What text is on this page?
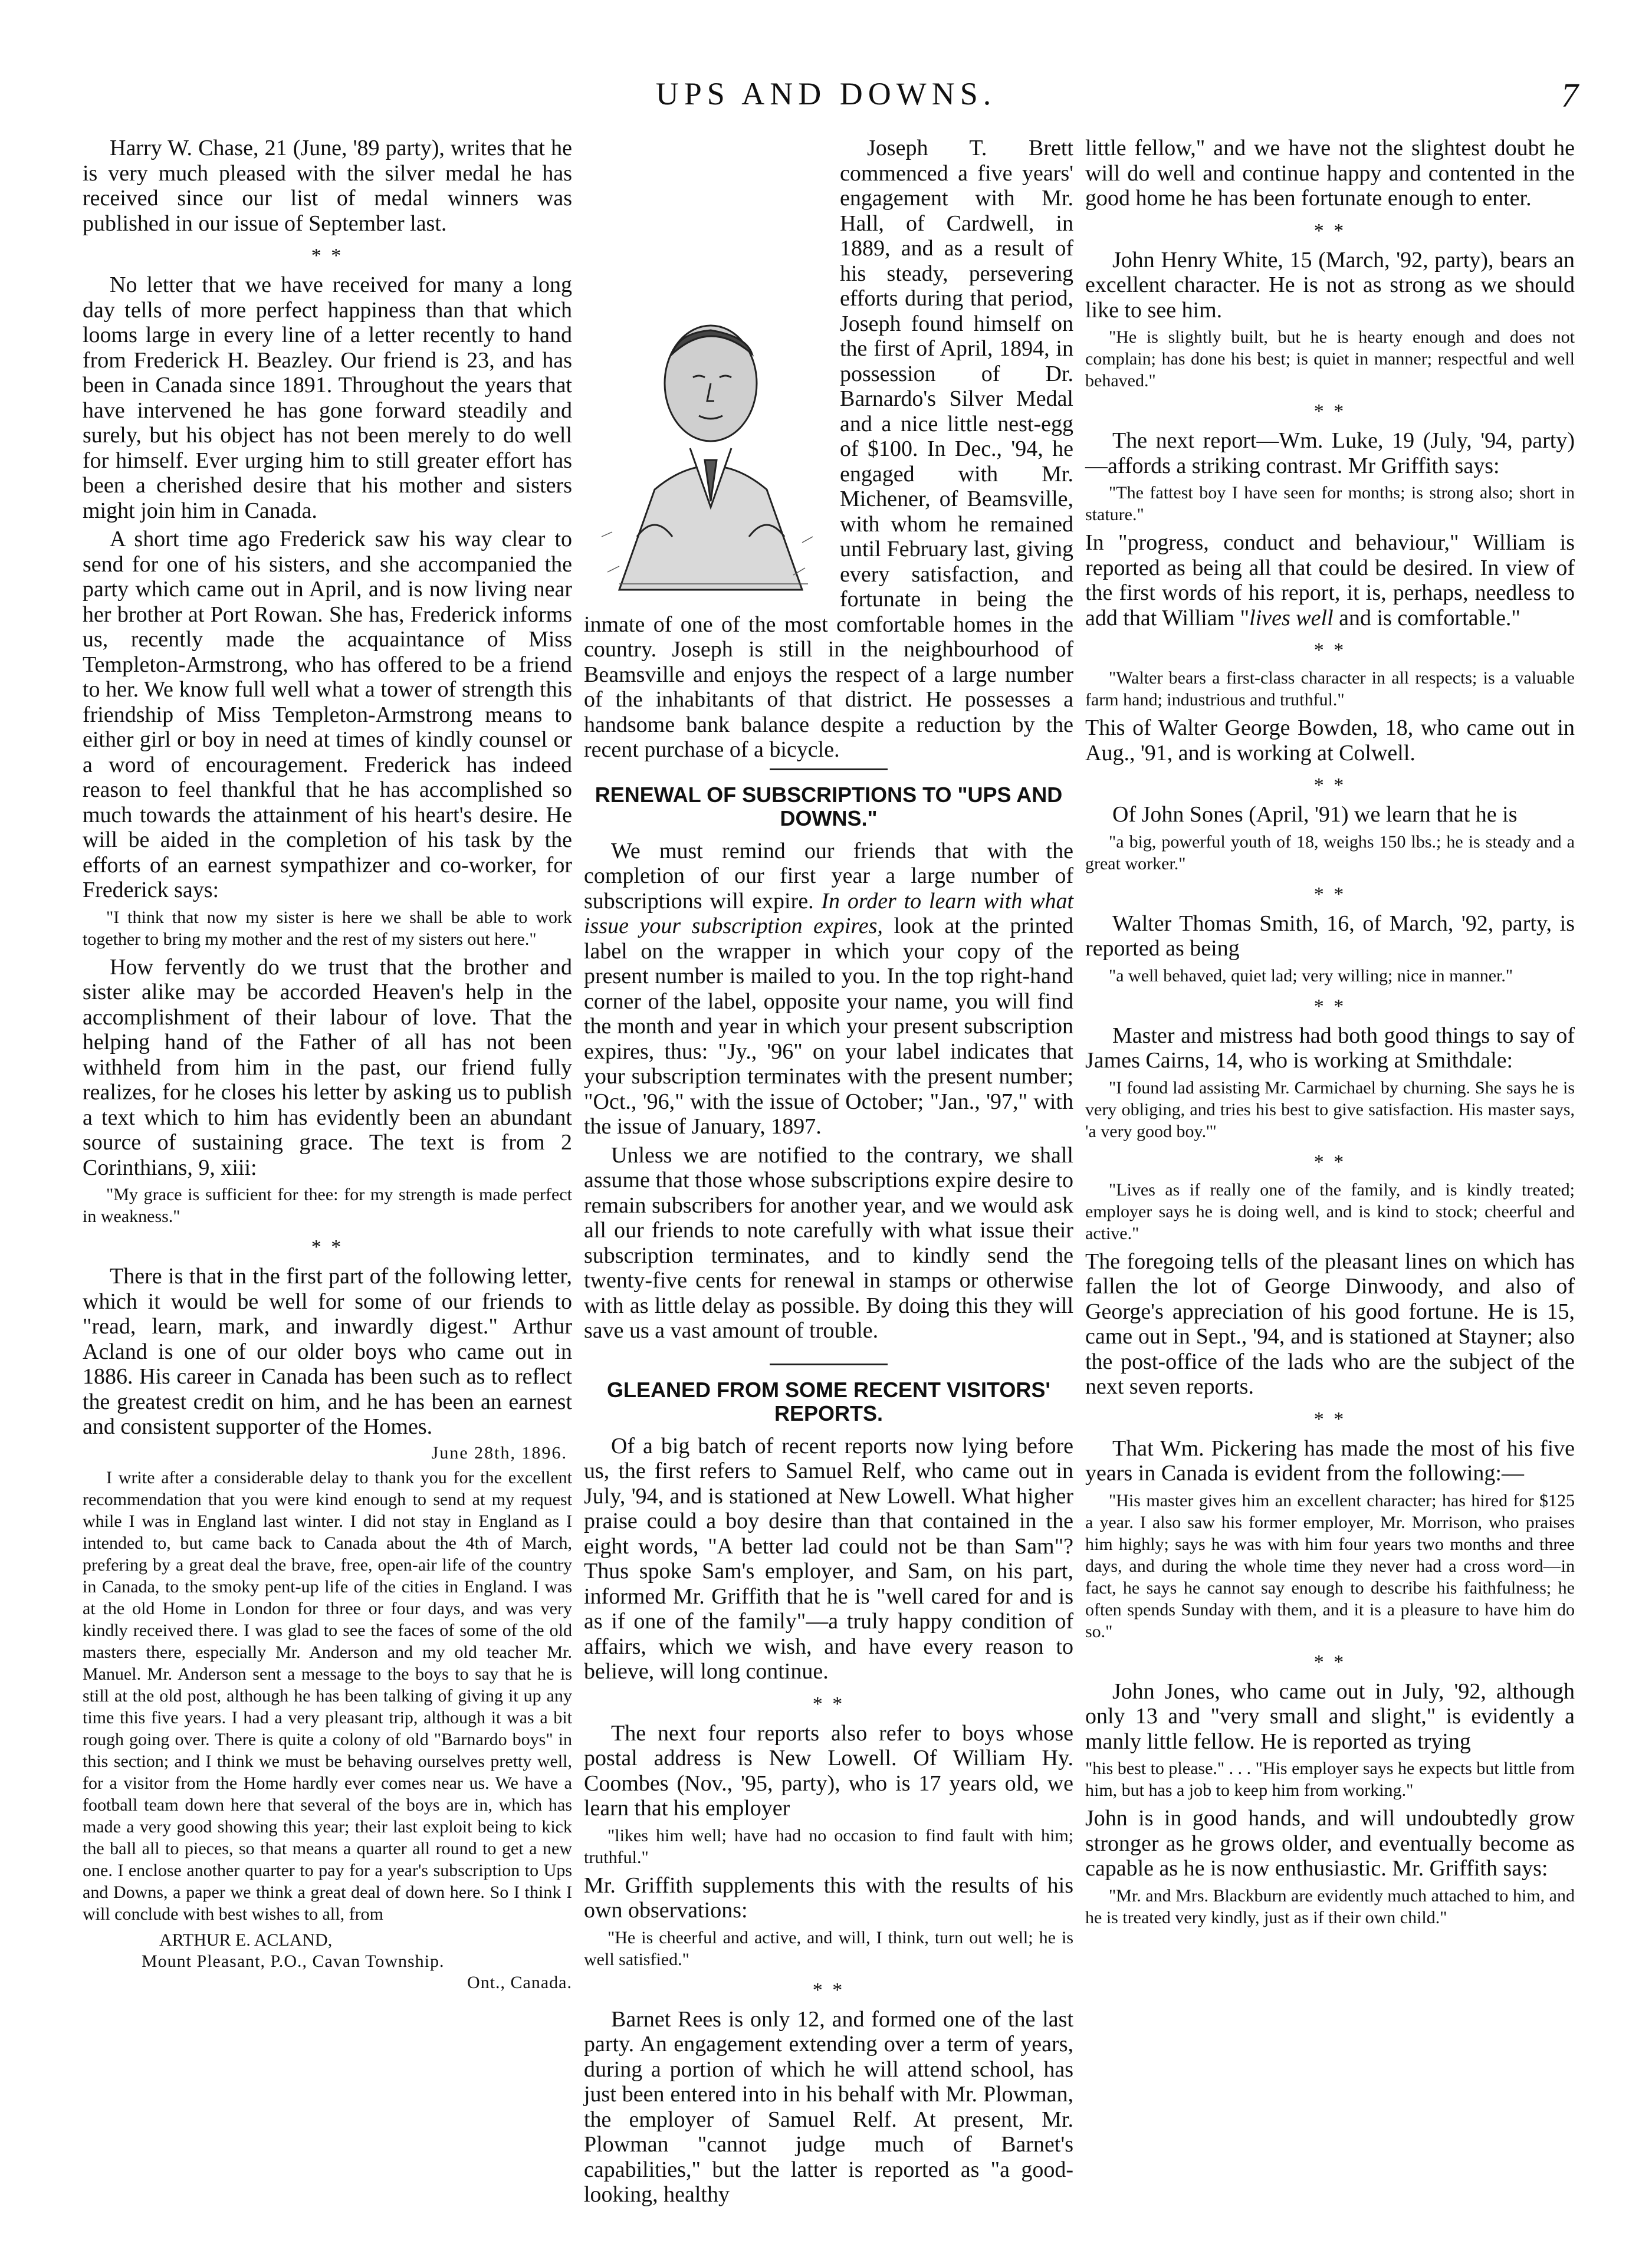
UPS AND DOWNS.	7

Harry W. Chase, 21 (June, '89 party), writes that he is very much pleased with the silver medal he has received since our list of medal winners was published in our issue of September last.

* *

No letter that we have received for many a long day tells of more perfect happiness than that which looms large in every line of a letter recently to hand from Frederick H. Beazley. Our friend is 23, and has been in Canada since 1891. Throughout the years that have intervened he has gone forward steadily and surely, but his object has not been merely to do well for himself. Ever urging him to still greater effort has been a cherished desire that his mother and sisters might join him in Canada.

A short time ago Frederick saw his way clear to send for one of his sisters, and she accompanied the party which came out in April, and is now living near her brother at Port Rowan. She has, Frederick informs us, recently made the acquaintance of Miss Templeton-Armstrong, who has offered to be a friend to her. We know full well what a tower of strength this friendship of Miss Templeton-Armstrong means to either girl or boy in need at times of kindly counsel or a word of encouragement. Frederick has indeed reason to feel thankful that he has accomplished so much towards the attainment of his heart's desire. He will be aided in the completion of his task by the efforts of an earnest sympathizer and co-worker, for Frederick says:

"I think that now my sister is here we shall be able to work together to bring my mother and the rest of my sisters out here."

How fervently do we trust that the brother and sister alike may be accorded Heaven's help in the accomplishment of their labour of love. That the helping hand of the Father of all has not been withheld from him in the past, our friend fully realizes, for he closes his letter by asking us to publish a text which to him has evidently been an abundant source of sustaining grace. The text is from 2 Corinthians, 9, xiii:

"My grace is sufficient for thee: for my strength is made perfect in weakness."

* *

There is that in the first part of the following letter, which it would be well for some of our friends to "read, learn, mark, and inwardly digest." Arthur Acland is one of our older boys who came out in 1886. His career in Canada has been such as to reflect the greatest credit on him, and he has been an earnest and consistent supporter of the Homes.

June 28th, 1896.

I write after a considerable delay to thank you for the excellent recommendation that you were kind enough to send at my request while I was in England last winter. I did not stay in England as I intended to, but came back to Canada about the 4th of March, prefering by a great deal the brave, free, open-air life of the country in Canada, to the smoky pent-up life of the cities in England. I was at the old Home in London for three or four days, and was very kindly received there. I was glad to see the faces of some of the old masters there, especially Mr. Anderson and my old teacher Mr. Manuel. Mr. Anderson sent a message to the boys to say that he is still at the old post, although he has been talking of giving it up any time this five years. I had a very pleasant trip, although it was a bit rough going over. There is quite a colony of old "Barnardo boys" in this section; and I think we must be behaving ourselves pretty well, for a visitor from the Home hardly ever comes near us. We have a football team down here that several of the boys are in, which has made a very good showing this year; their last exploit being to kick the ball all to pieces, so that means a quarter all round to get a new one. I enclose another quarter to pay for a year's subscription to Ups and Downs, a paper we think a great deal of down here. So I think I will conclude with best wishes to all, from

ARTHUR E. ACLAND,

Mount Pleasant, P.O., Cavan Township.

Ont., Canada.

Joseph T. Brett commenced a five years' engagement with Mr. Hall, of Cardwell, in 1889, and as a result of his steady, persevering efforts during that period, Joseph found himself on the first of April, 1894, in possession of Dr. Barnardo's Silver Medal and a nice little nest-egg of $100. In Dec., '94, he engaged with Mr. Michener, of Beamsville, with whom he remained until February last, giving every satisfaction, and fortunate in being the inmate of one of the most comfortable homes in the country. Joseph is still in the neighbourhood of Beamsville and enjoys the respect of a large number of the inhabitants of that district. He possesses a handsome bank balance despite a reduction by the recent purchase of a bicycle.
RENEWAL OF SUBSCRIPTIONS TO "UPS AND DOWNS."

We must remind our friends that with the completion of our first year a large number of subscriptions will expire. In order to learn with what issue your subscription expires, look at the printed label on the wrapper in which your copy of the present number is mailed to you. In the top right-hand corner of the label, opposite your name, you will find the month and year in which your present subscription expires, thus: "Jy., '96" on your label indicates that your subscription terminates with the present number; "Oct., '96," with the issue of October; "Jan., '97," with the issue of January, 1897.

Unless we are notified to the contrary, we shall assume that those whose subscriptions expire desire to remain subscribers for another year, and we would ask all our friends to note carefully with what issue their subscription terminates, and to kindly send the twenty-five cents for renewal in stamps or otherwise with as little delay as possible. By doing this they will save us a vast amount of trouble.

GLEANED FROM SOME RECENT VISITORS' REPORTS.

Of a big batch of recent reports now lying before us, the first refers to Samuel Relf, who came out in July, '94, and is stationed at New Lowell. What higher praise could a boy desire than that contained in the eight words, "A better lad could not be than Sam"? Thus spoke Sam's employer, and Sam, on his part, informed Mr. Griffith that he is "well cared for and is as if one of the family"—a truly happy condition of affairs, which we wish, and have every reason to believe, will long continue.

* *

The next four reports also refer to boys whose postal address is New Lowell. Of William Hy. Coombes (Nov., '95, party), who is 17 years old, we learn that his employer

"likes him well; have had no occasion to find fault with him; truthful."

Mr. Griffith supplements this with the results of his own observations:

"He is cheerful and active, and will, I think, turn out well; he is well satisfied."

* *

Barnet Rees is only 12, and formed one of the last party. An engagement extending over a term of years, during a portion of which he will attend school, has just been entered into in his behalf with Mr. Plowman, the employer of Samuel Relf. At present, Mr. Plowman "cannot judge much of Barnet's capabilities," but the latter is reported as "a good-looking, healthy

little fellow," and we have not the slightest doubt he will do well and continue happy and contented in the good home he has been fortunate enough to enter.

* *

John Henry White, 15 (March, '92, party), bears an excellent character. He is not as strong as we should like to see him.

"He is slightly built, but he is hearty enough and does not complain; has done his best; is quiet in manner; respectful and well behaved."

* *

The next report—Wm. Luke, 19 (July, '94, party)—affords a striking contrast. Mr Griffith says:

"The fattest boy I have seen for months; is strong also; short in stature."

In "progress, conduct and behaviour," William is reported as being all that could be desired. In view of the first words of his report, it is, perhaps, needless to add that William "lives well and is comfortable."

* *

"Walter bears a first-class character in all respects; is a valuable farm hand; industrious and truthful."

This of Walter George Bowden, 18, who came out in Aug., '91, and is working at Colwell.

* *

Of John Sones (April, '91) we learn that he is

"a big, powerful youth of 18, weighs 150 lbs.; he is steady and a great worker."

* *

Walter Thomas Smith, 16, of March, '92, party, is reported as being

"a well behaved, quiet lad; very willing; nice in manner."

* *

Master and mistress had both good things to say of James Cairns, 14, who is working at Smithdale:

"I found lad assisting Mr. Carmichael by churning. She says he is very obliging, and tries his best to give satisfaction. His master says, 'a very good boy.'"

* *

"Lives as if really one of the family, and is kindly treated; employer says he is doing well, and is kind to stock; cheerful and active."

The foregoing tells of the pleasant lines on which has fallen the lot of George Dinwoody, and also of George's appreciation of his good fortune. He is 15, came out in Sept., '94, and is stationed at Stayner; also the post-office of the lads who are the subject of the next seven reports.

* *

That Wm. Pickering has made the most of his five years in Canada is evident from the following:—

"His master gives him an excellent character; has hired for $125 a year. I also saw his former employer, Mr. Morrison, who praises him highly; says he was with him four years two months and three days, and during the whole time they never had a cross word—in fact, he says he cannot say enough to describe his faithfulness; he often spends Sunday with them, and it is a pleasure to have him do so."

* *

John Jones, who came out in July, '92, although only 13 and "very small and slight," is evidently a manly little fellow. He is reported as trying

"his best to please." . . . "His employer says he expects but little from him, but has a job to keep him from working."

John is in good hands, and will undoubtedly grow stronger as he grows older, and eventually become as capable as he is now enthusiastic. Mr. Griffith says:

"Mr. and Mrs. Blackburn are evidently much attached to him, and he is treated very kindly, just as if their own child."
